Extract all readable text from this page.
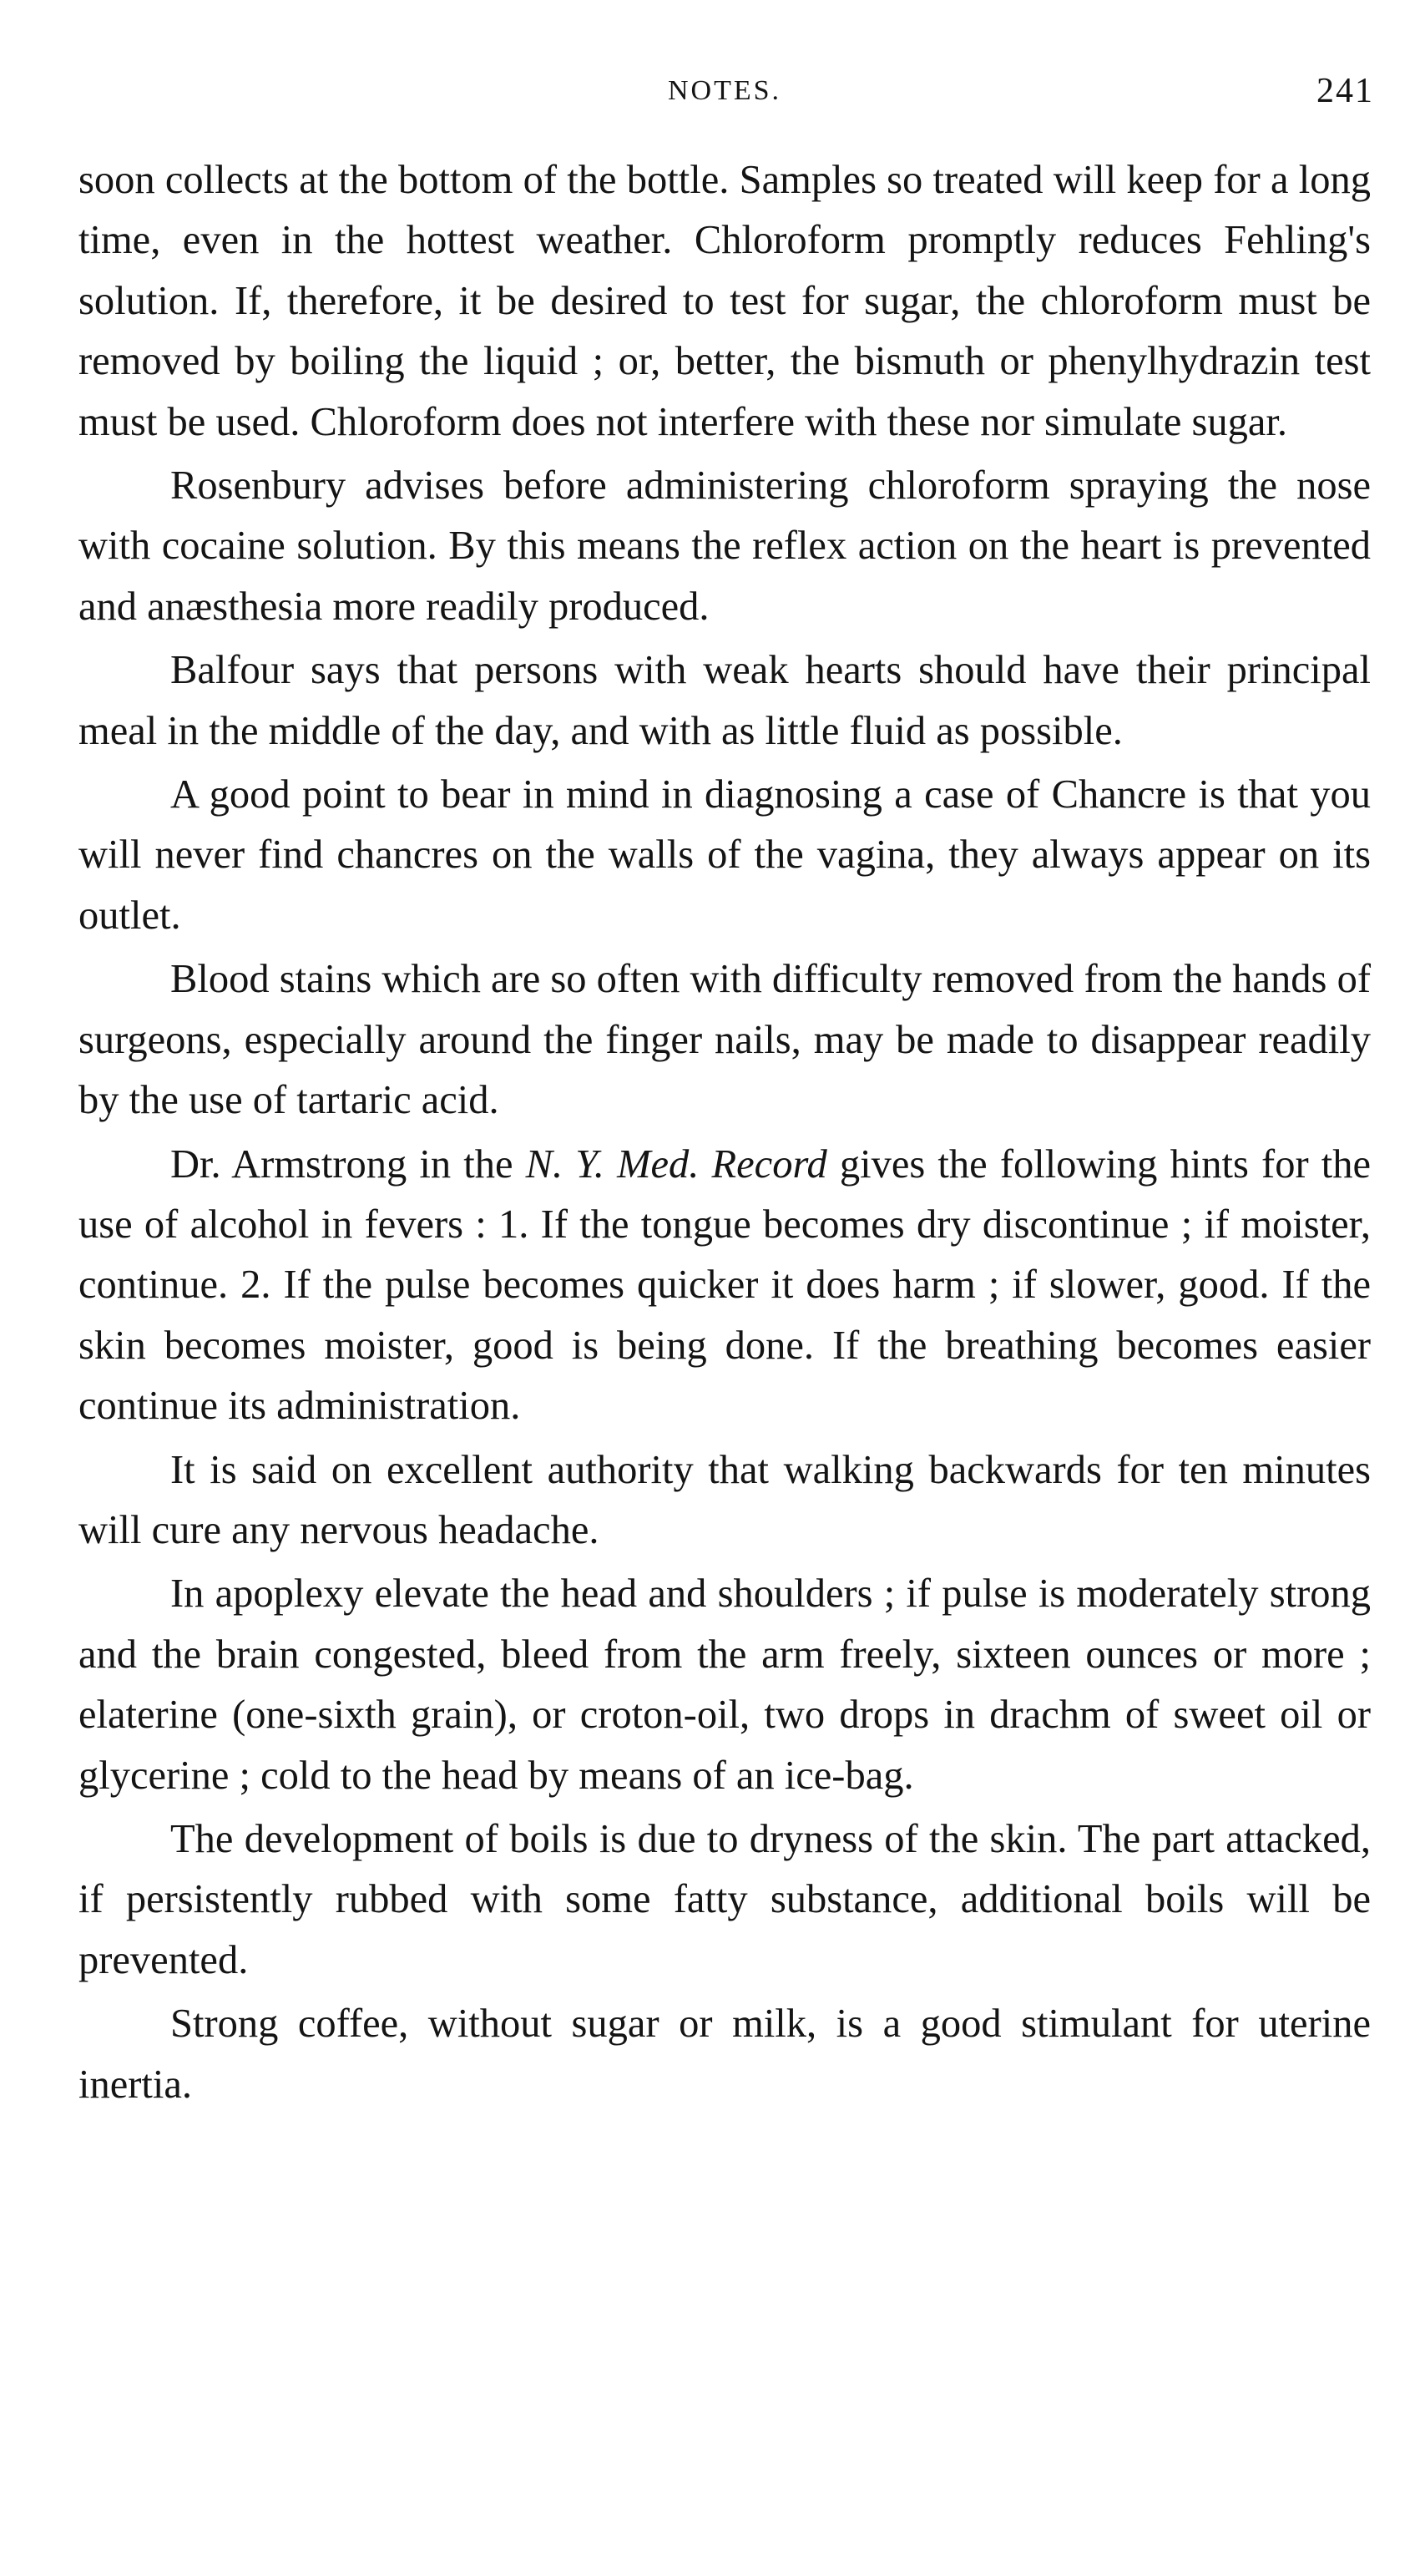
NOTES.	241

soon collects at the bottom of the bottle. Samples so treated will keep for a long time, even in the hottest weather. Chloroform promptly reduces Fehling's solution. If, therefore, it be desired to test for sugar, the chloroform must be removed by boiling the liquid ; or, better, the bismuth or phenylhydrazin test must be used. Chloroform does not interfere with these nor simulate sugar.

Rosenbury advises before administering chloroform spraying the nose with cocaine solution. By this means the reflex action on the heart is prevented and anæsthesia more readily produced.

Balfour says that persons with weak hearts should have their principal meal in the middle of the day, and with as little fluid as possible.

A good point to bear in mind in diagnosing a case of Chancre is that you will never find chancres on the walls of the vagina, they always appear on its outlet.

Blood stains which are so often with difficulty removed from the hands of surgeons, especially around the finger nails, may be made to disappear readily by the use of tartaric acid.

Dr. Armstrong in the N. Y. Med. Record gives the following hints for the use of alcohol in fevers : 1. If the tongue becomes dry discontinue ; if moister, continue. 2. If the pulse becomes quicker it does harm ; if slower, good. If the skin becomes moister, good is being done. If the breathing becomes easier continue its administration.

It is said on excellent authority that walking backwards for ten minutes will cure any nervous headache.

In apoplexy elevate the head and shoulders ; if pulse is moderately strong and the brain congested, bleed from the arm freely, sixteen ounces or more ; elaterine (one-sixth grain), or croton-oil, two drops in drachm of sweet oil or glycerine ; cold to the head by means of an ice-bag.

The development of boils is due to dryness of the skin. The part attacked, if persistently rubbed with some fatty substance, additional boils will be prevented.

Strong coffee, without sugar or milk, is a good stimulant for uterine inertia.
